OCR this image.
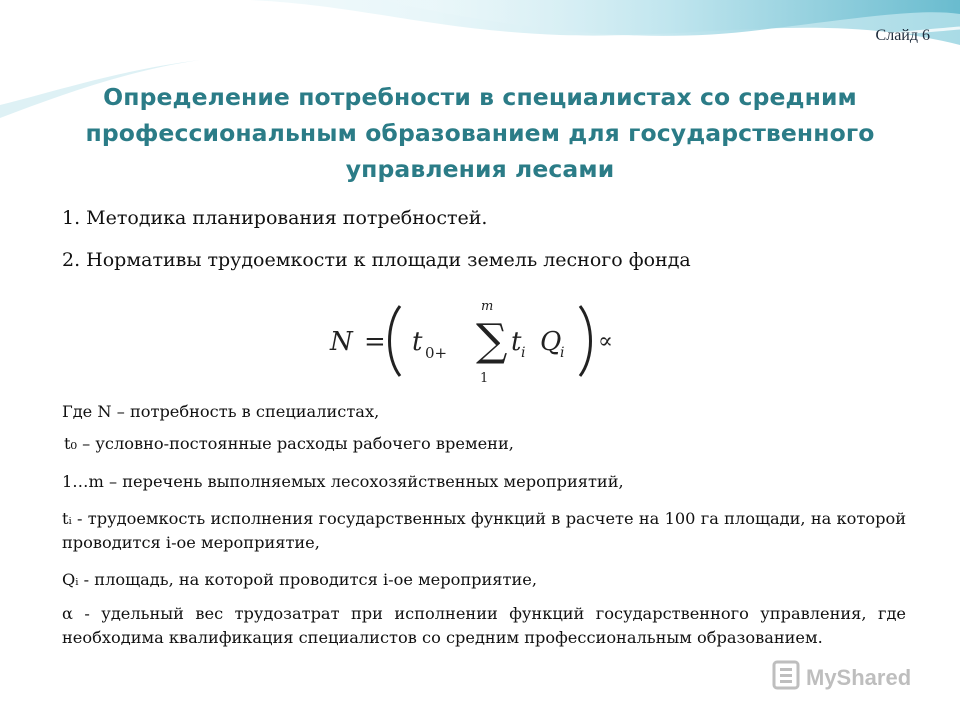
Слайд 6
Определение потребности в специалистах со средним профессиональным образованием для государственного управления лесами
1. Методика планирования потребностей.
2. Нормативы трудоемкости к площади земель лесного фонда
N = t 0+
m
∑
1
t i Q
i ∝
Где N – потребность в специалистах,
t₀ – условно-постоянные расходы рабочего времени,
1…m – перечень выполняемых лесохозяйственных мероприятий,
tᵢ - трудоемкость исполнения государственных функций в расчете на 100 га площади, на которой проводится i-ое мероприятие,
Qᵢ - площадь, на которой проводится i-ое мероприятие,
α - удельный вес трудозатрат при исполнении функций государственного управления, где необходима квалификация специалистов со средним профессиональным образованием.
MyShared
